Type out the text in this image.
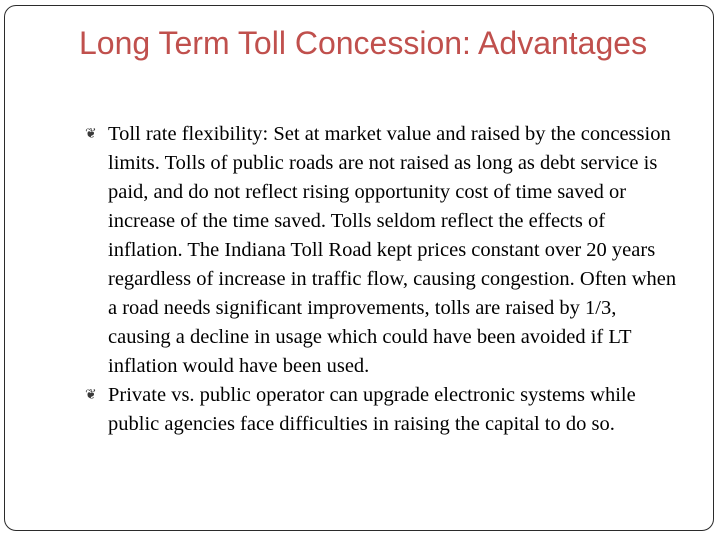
Long Term Toll Concession: Advantages
❦ Toll rate flexibility: Set at market value and raised by the concession limits. Tolls of public roads are not raised as long as debt service is paid, and do not reflect rising opportunity cost of time saved or increase of the time saved. Tolls seldom reflect the effects of inflation. The Indiana Toll Road kept prices constant over 20 years regardless of increase in traffic flow, causing congestion. Often when a road needs significant improvements, tolls are raised by 1/3, causing a decline in usage which could have been avoided if LT inflation would have been used.
❦ Private vs. public operator can upgrade electronic systems while public agencies face difficulties in raising the capital to do so.
